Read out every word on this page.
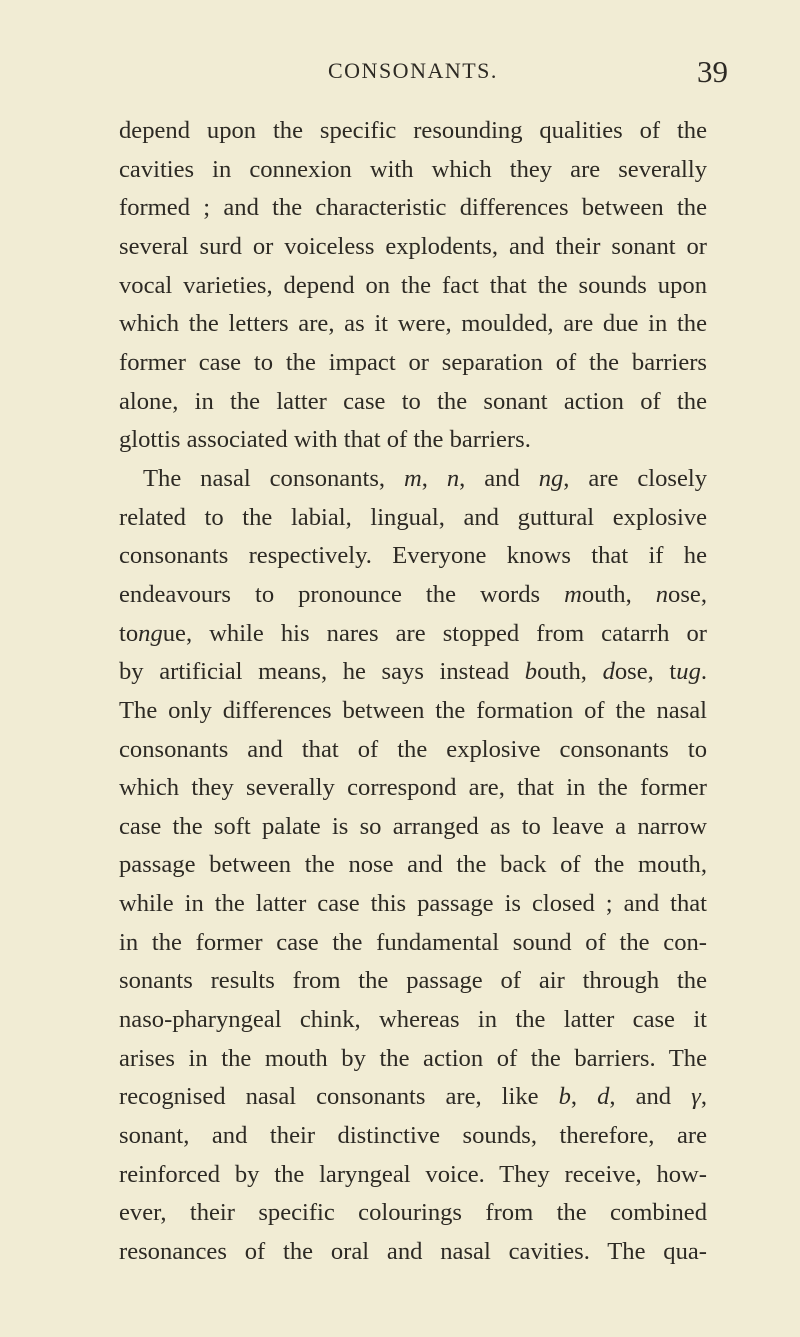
CONSONANTS.	39

depend upon the specific resounding qualities of the
cavities in connexion with which they are severally
formed ; and the characteristic differences between the
several surd or voiceless explodents, and their sonant or
vocal varieties, depend on the fact that the sounds upon
which the letters are, as it were, moulded, are due in the
former case to the impact or separation of the barriers
alone, in the latter case to the sonant action of the
glottis associated with that of the barriers.

The nasal consonants, m, n, and ng, are closely
related to the labial, lingual, and guttural explosive
consonants respectively. Everyone knows that if he
endeavours to pronounce the words mouth, nose,
tongue, while his nares are stopped from catarrh or
by artificial means, he says instead bouth, dose, tug.
The only differences between the formation of the nasal
consonants and that of the explosive consonants to
which they severally correspond are, that in the former
case the soft palate is so arranged as to leave a narrow
passage between the nose and the back of the mouth,
while in the latter case this passage is closed ; and that
in the former case the fundamental sound of the con-
sonants results from the passage of air through the
naso-pharyngeal chink, whereas in the latter case it
arises in the mouth by the action of the barriers. The
recognised nasal consonants are, like b, d, and γ,
sonant, and their distinctive sounds, therefore, are
reinforced by the laryngeal voice. They receive, how-
ever, their specific colourings from the combined
resonances of the oral and nasal cavities. The qua-
